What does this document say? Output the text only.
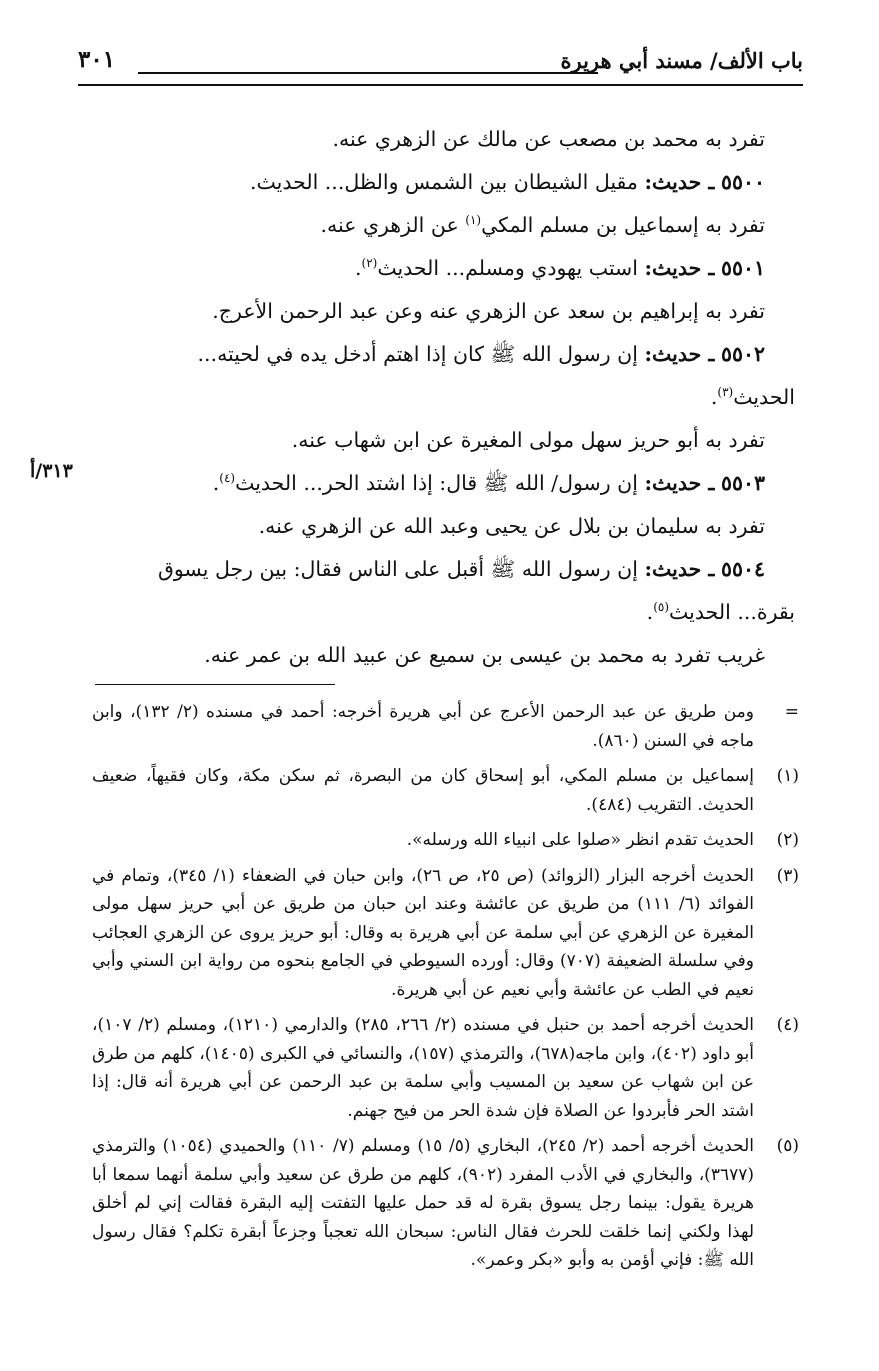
باب الألف/ مسند أبي هريرة
٣٠١

تفرد به محمد بن مصعب عن مالك عن الزهري عنه.

٥٥٠٠ ـ حديث: مقيل الشيطان بين الشمس والظل... الحديث.

تفرد به إسماعيل بن مسلم المكي$^{(١)}$ عن الزهري عنه.

٥٥٠١ ـ حديث: استب يهودي ومسلم... الحديث$^{(٢)}$.

تفرد به إبراهيم بن سعد عن الزهري عنه وعن عبد الرحمن الأعرج.

٥٥٠٢ ـ حديث: إن رسول الله ﷺ كان إذا اهتم أدخل يده في لحيته...

الحديث$^{(٣)}$.

تفرد به أبو حريز سهل مولى المغيرة عن ابن شهاب عنه.

٥٥٠٣ ـ حديث: إن رسول/ الله ﷺ قال: إذا اشتد الحر... الحديث$^{(٤)}$.

تفرد به سليمان بن بلال عن يحيى وعبد الله عن الزهري عنه.

٥٥٠٤ ـ حديث: إن رسول الله ﷺ أقبل على الناس فقال: بين رجل يسوق

بقرة... الحديث$^{(٥)}$.

غريب تفرد به محمد بن عيسى بن سميع عن عبيد الله بن عمر عنه.

٣١٣/أ
=
ومن طريق عن عبد الرحمن الأعرج عن أبي هريرة أخرجه: أحمد في مسنده (٢/ ١٣٢)، وابن ماجه في السنن (٨٦٠).
(١)
إسماعيل بن مسلم المكي، أبو إسحاق كان من البصرة، ثم سكن مكة، وكان فقيهاً، ضعيف الحديث. التقريب (٤٨٤).
(٢)
الحديث تقدم انظر «صلوا على انبياء الله ورسله».
(٣)
الحديث أخرجه البزار (الزوائد) (ص ٢٥، ص ٢٦)، وابن حبان في الضعفاء (١/ ٣٤٥)، وتمام في الفوائد (٦/ ١١١) من طريق عن عائشة وعند ابن حبان من طريق عن أبي حريز سهل مولى المغيرة عن الزهري عن أبي سلمة عن أبي هريرة به وقال: أبو حريز يروى عن الزهري العجائب وفي سلسلة الضعيفة (٧٠٧) وقال: أورده السيوطي في الجامع بنحوه من رواية ابن السني وأبي نعيم في الطب عن عائشة وأبي نعيم عن أبي هريرة.
(٤)
الحديث أخرجه أحمد بن حنبل في مسنده (٢/ ٢٦٦، ٢٨٥) والدارمي (١٢١٠)، ومسلم (٢/ ١٠٧)، أبو داود (٤٠٢)، وابن ماجه(٦٧٨)، والترمذي (١٥٧)، والنسائي في الكبرى (١٤٠٥)، كلهم من طرق عن ابن شهاب عن سعيد بن المسيب وأبي سلمة بن عبد الرحمن عن أبي هريرة أنه قال: إذا اشتد الحر فأبردوا عن الصلاة فإن شدة الحر من فيح جهنم.
(٥)
الحديث أخرجه أحمد (٢/ ٢٤٥)، البخاري (٥/ ١٥) ومسلم (٧/ ١١٠) والحميدي (١٠٥٤) والترمذي (٣٦٧٧)، والبخاري في الأدب المفرد (٩٠٢)، كلهم من طرق عن سعيد وأبي سلمة أنهما سمعا أبا هريرة يقول: بينما رجل يسوق بقرة له قد حمل عليها التفتت إليه البقرة فقالت إني لم أخلق لهذا ولكني إنما خلقت للحرث فقال الناس: سبحان الله تعجباً وجزعاً أبقرة تكلم؟ فقال رسول الله ﷺ: فإني أؤمن به وأبو «بكر وعمر».
